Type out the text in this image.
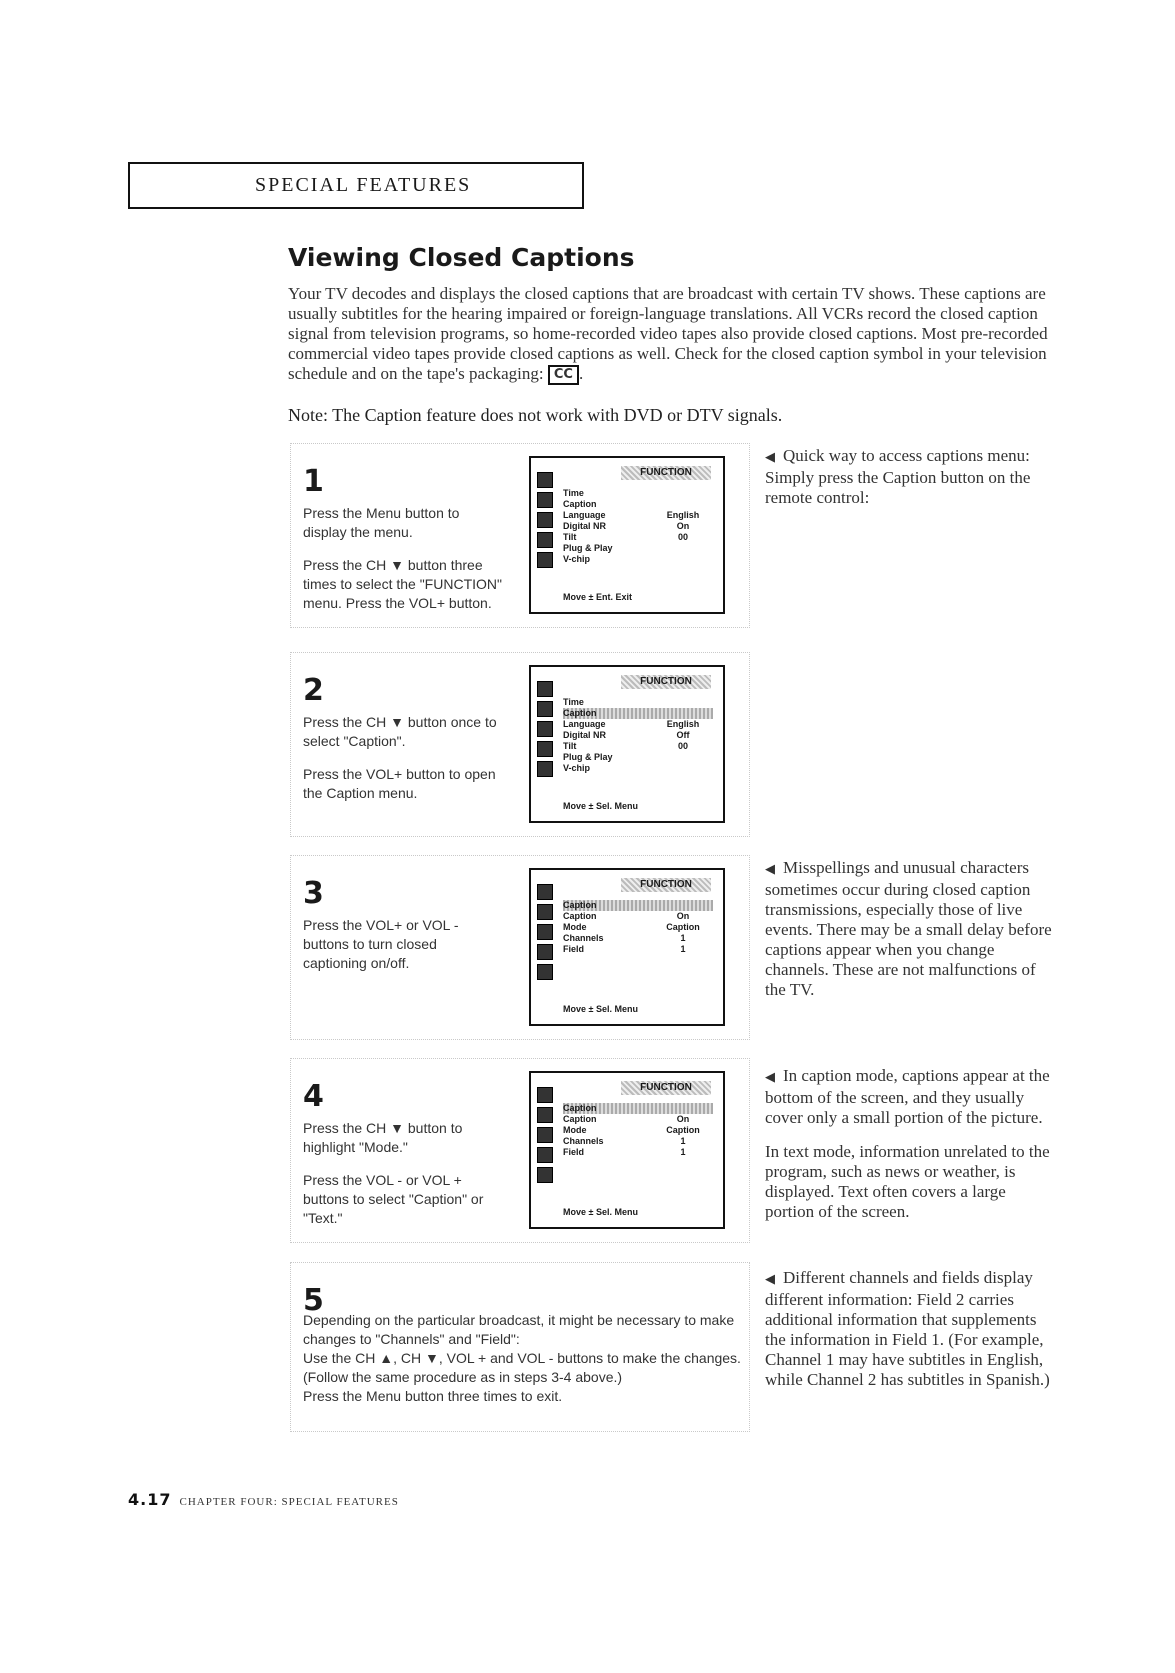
SPECIAL FEATURES
Viewing Closed Captions
Your TV decodes and displays the closed captions that are broadcast with certain TV shows. These captions are usually subtitles for the hearing impaired or foreign-language translations. All VCRs record the closed caption signal from television programs, so home-recorded video tapes also provide closed captions. Most pre-recorded commercial video tapes provide closed captions as well. Check for the closed caption symbol in your television schedule and on the tape's packaging: CC .
Note: The Caption feature does not work with DVD or DTV signals.
1

Press the Menu button to display the menu.

Press the CH ▼ button three times to select the "FUNCTION" menu. Press the VOL+ button.

FUNCTION
Time
Caption
Language	English
Digital NR	On
Tilt	00
Plug & Play
V-chip
Move ± Ent. Exit
2

Press the CH ▼ button once to select "Caption".

Press the VOL+ button to open the Caption menu.

FUNCTION
Time
Caption
Language	English
Digital NR	Off
Tilt	00
Plug & Play
V-chip
Move ± Sel. Menu
3

Press the VOL+ or VOL - buttons to turn closed captioning on/off.

FUNCTION
Caption
Caption	On
Mode	Caption
Channels	1
Field	1
Move ± Sel. Menu
4

Press the CH ▼ button to highlight "Mode."

Press the VOL - or VOL + buttons to select "Caption" or "Text."

FUNCTION
Caption
Caption	On
Mode	Caption
Channels	1
Field	1
Move ± Sel. Menu
5

Depending on the particular broadcast, it might be necessary to make changes to "Channels" and "Field":

Use the CH ▲, CH ▼, VOL + and VOL - buttons to make the changes. (Follow the same procedure as in steps 3-4 above.)

Press the Menu button three times to exit.

◀ Quick way to access captions menu: Simply press the Caption button on the remote control:

◀ Misspellings and unusual characters sometimes occur during closed caption transmissions, especially those of live events. There may be a small delay before captions appear when you change channels. These are not malfunctions of the TV.

◀ In caption mode, captions appear at the bottom of the screen, and they usually cover only a small portion of the picture.

In text mode, information unrelated to the program, such as news or weather, is displayed. Text often covers a large portion of the screen.

◀ Different channels and fields display different information: Field 2 carries additional information that supplements the information in Field 1. (For example, Channel 1 may have subtitles in English, while Channel 2 has subtitles in Spanish.)

4.17 CHAPTER FOUR: SPECIAL FEATURES
